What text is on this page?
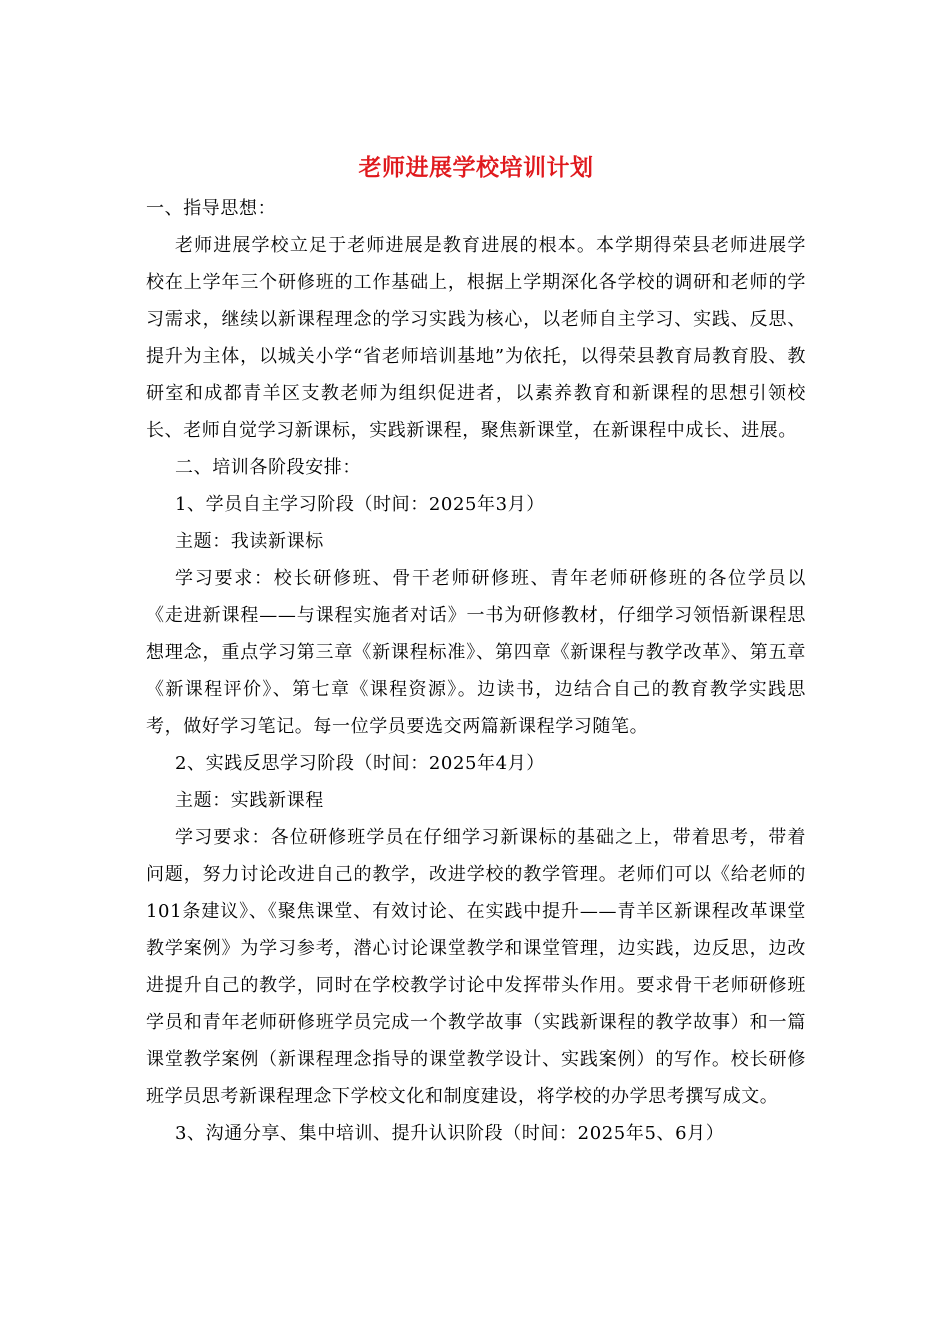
老师进展学校培训计划

一、指导思想：

老师进展学校立足于老师进展是教育进展的根本。本学期得荣县老师进展学校在上学年三个研修班的工作基础上，根据上学期深化各学校的调研和老师的学习需求，继续以新课程理念的学习实践为核心，以老师自主学习、实践、反思、提升为主体，以城关小学“省老师培训基地”为依托，以得荣县教育局教育股、教研室和成都青羊区支教老师为组织促进者，以素养教育和新课程的思想引领校长、老师自觉学习新课标，实践新课程，聚焦新课堂，在新课程中成长、进展。

二、培训各阶段安排：

1、学员自主学习阶段（时间：2025年3月）

主题：我读新课标

学习要求：校长研修班、骨干老师研修班、青年老师研修班的各位学员以《走进新课程——与课程实施者对话》一书为研修教材，仔细学习领悟新课程思想理念，重点学习第三章《新课程标准》、第四章《新课程与教学改革》、第五章《新课程评价》、第七章《课程资源》。边读书，边结合自己的教育教学实践思考，做好学习笔记。每一位学员要选交两篇新课程学习随笔。

2、实践反思学习阶段（时间：2025年4月）

主题：实践新课程

学习要求：各位研修班学员在仔细学习新课标的基础之上，带着思考，带着问题，努力讨论改进自己的教学，改进学校的教学管理。老师们可以《给老师的101条建议》、《聚焦课堂、有效讨论、在实践中提升——青羊区新课程改革课堂教学案例》为学习参考，潜心讨论课堂教学和课堂管理，边实践，边反思，边改进提升自己的教学，同时在学校教学讨论中发挥带头作用。要求骨干老师研修班学员和青年老师研修班学员完成一个教学故事（实践新课程的教学故事）和一篇课堂教学案例（新课程理念指导的课堂教学设计、实践案例）的写作。校长研修班学员思考新课程理念下学校文化和制度建设，将学校的办学思考撰写成文。

3、沟通分享、集中培训、提升认识阶段（时间：2025年5、6月）
